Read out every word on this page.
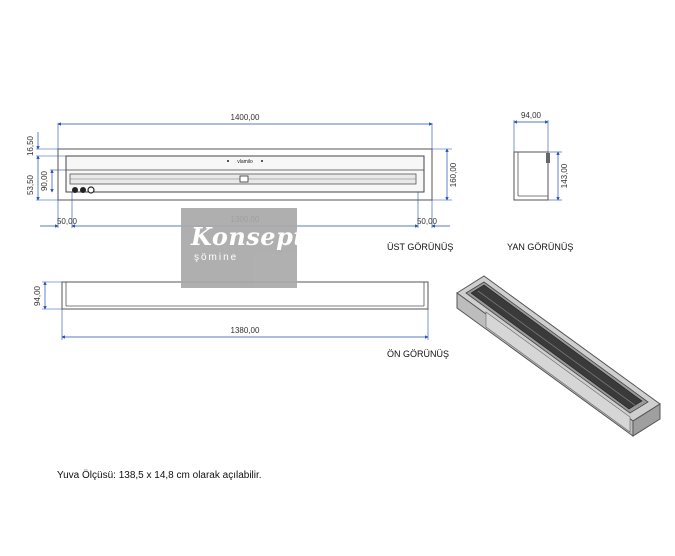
vlamilo
1400,00
50,00	50,00
16,50
90,00
53,50	160,00
ÜST GÖRÜNÜŞ
94,00
143,00
YAN GÖRÜNÜŞ
94,00
1380,00
ÖN GÖRÜNÜŞ
Konsept
şömine
Yuva Ölçüsü: 138,5 x 14,8 cm olarak açılabilir.
